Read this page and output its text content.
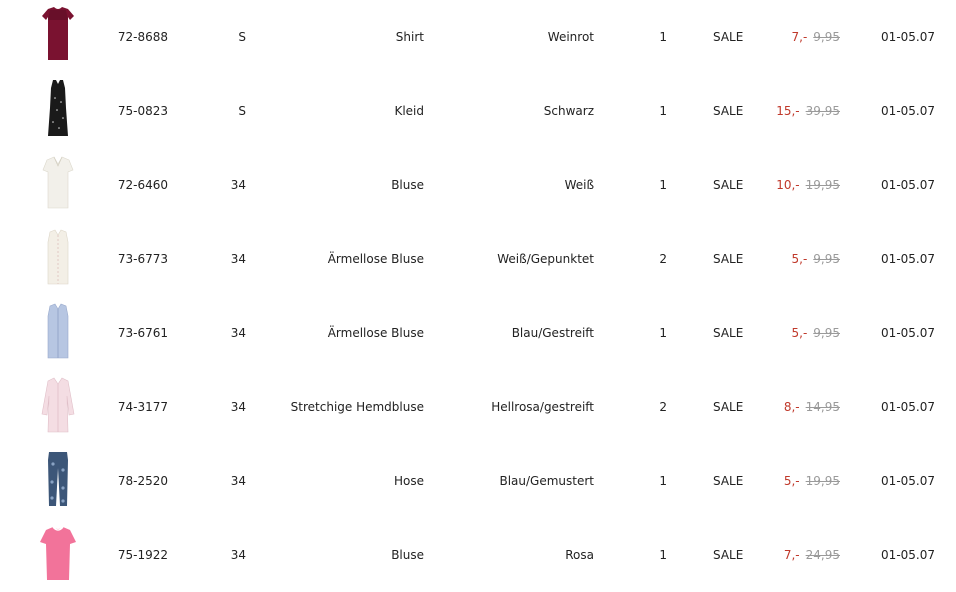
72-8688	S	Shirt	Weinrot	1	SALE	7,- 9,95	01-05.07
75-0823	S	Kleid	Schwarz	1	SALE	15,- 39,95	01-05.07
72-6460	34	Bluse	Weiß	1	SALE	10,- 19,95	01-05.07
73-6773	34	Ärmellose Bluse	Weiß/Gepunktet	2	SALE	5,- 9,95	01-05.07
73-6761	34	Ärmellose Bluse	Blau/Gestreift	1	SALE	5,- 9,95	01-05.07
74-3177	34	Stretchige Hemdbluse	Hellrosa/gestreift	2	SALE	8,- 14,95	01-05.07
78-2520	34	Hose	Blau/Gemustert	1	SALE	5,- 19,95	01-05.07
75-1922	34	Bluse	Rosa	1	SALE	7,- 24,95	01-05.07
